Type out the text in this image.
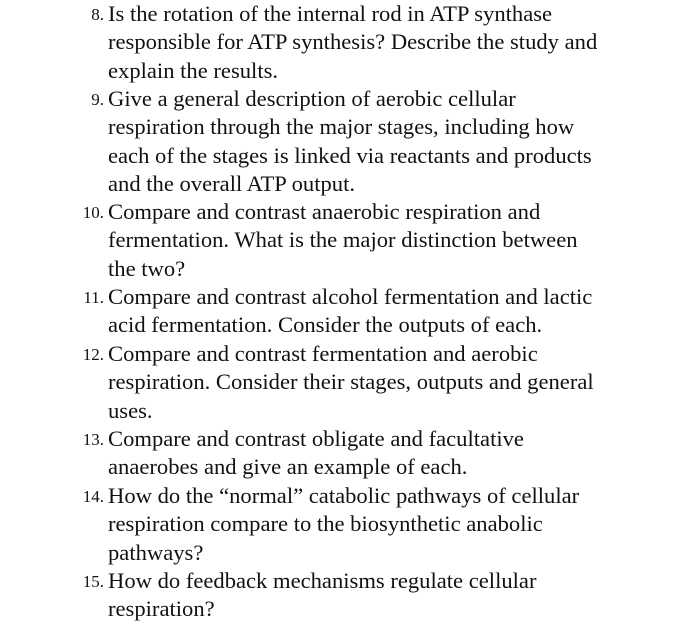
8. Is the rotation of the internal rod in ATP synthase
responsible for ATP synthesis? Describe the study and
explain the results.

9. Give a general description of aerobic cellular
respiration through the major stages, including how
each of the stages is linked via reactants and products
and the overall ATP output.

10. Compare and contrast anaerobic respiration and
fermentation. What is the major distinction between
the two?

11. Compare and contrast alcohol fermentation and lactic
acid fermentation. Consider the outputs of each.

12. Compare and contrast fermentation and aerobic
respiration. Consider their stages, outputs and general
uses.

13. Compare and contrast obligate and facultative
anaerobes and give an example of each.

14. How do the “normal” catabolic pathways of cellular
respiration compare to the biosynthetic anabolic
pathways?

15. How do feedback mechanisms regulate cellular
respiration?
